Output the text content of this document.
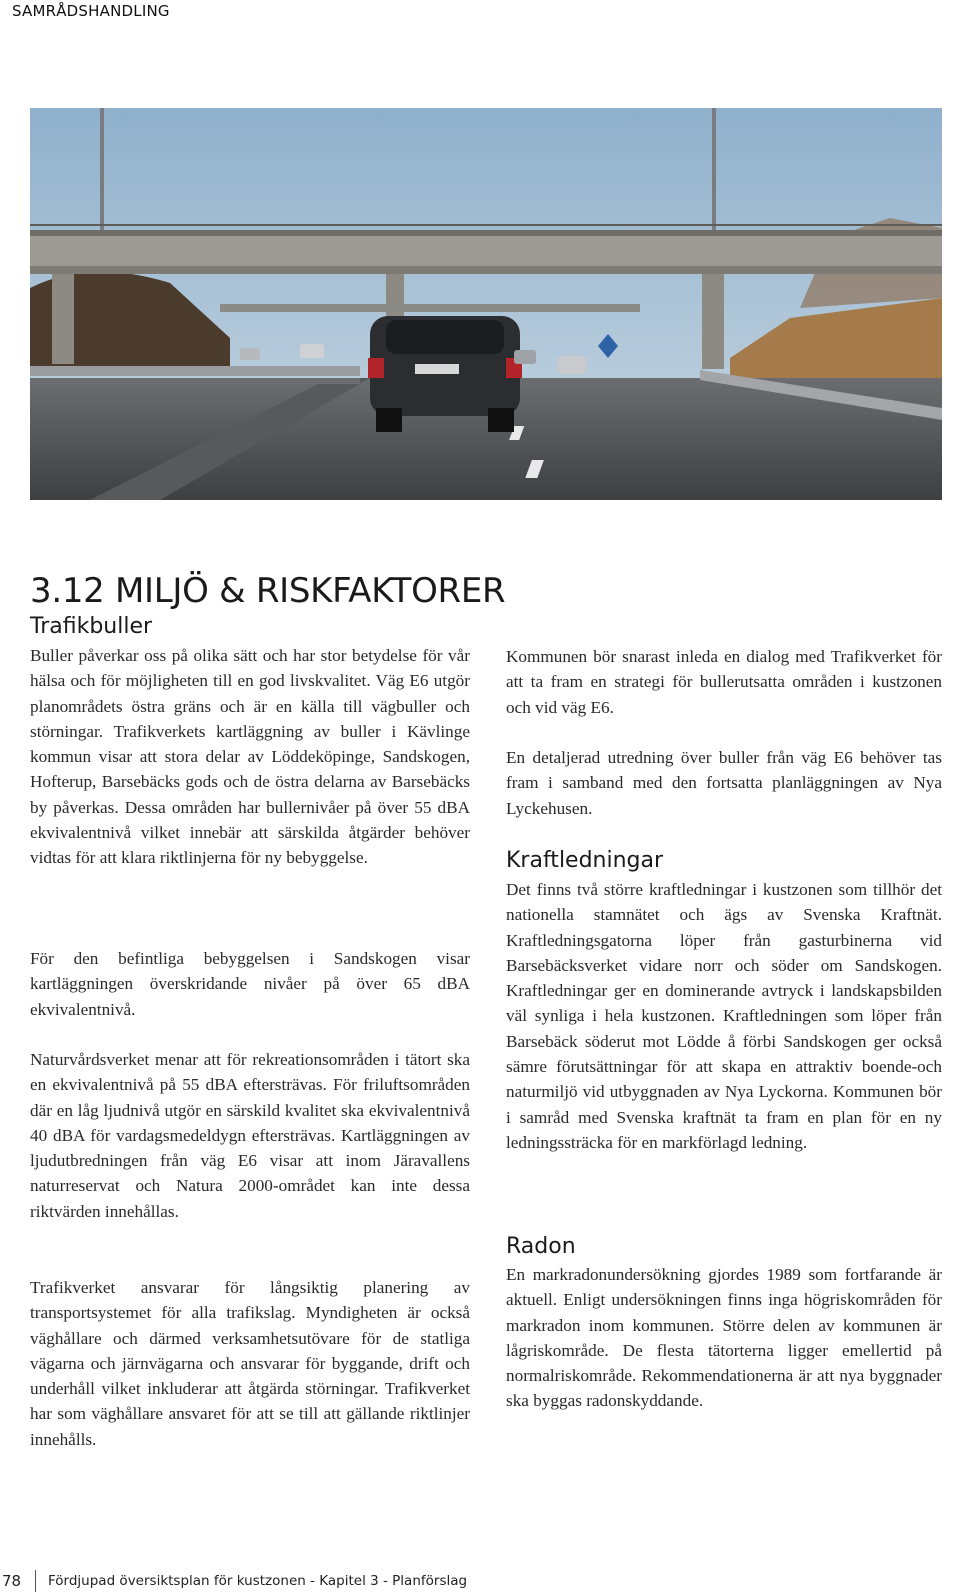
SAMRÅDSHANDLING
3.12 MILJÖ & RISKFAKTORER
Trafikbuller

Buller påverkar oss på olika sätt och har stor betydelse för vår hälsa och för möjligheten till en god livskvalitet. Väg E6 utgör planområdets östra gräns och är en källa till vägbuller och störningar. Trafikverkets kartläggning av buller i Kävlinge kommun visar att stora delar av Löddeköpinge, Sandskogen, Hofterup, Barsebäcks gods och de östra delarna av Barsebäcks by påverkas. Dessa områden har bullernivåer på över 55 dBA ekvivalentnivå vilket innebär att särskilda åtgärder behöver vidtas för att klara riktlinjerna för ny bebyggelse.

För den befintliga bebyggelsen i Sandskogen visar kartläggningen överskridande nivåer på över 65 dBA ekvivalentnivå.

Naturvårdsverket menar att för rekreationsområden i tätort ska en ekvivalentnivå på 55 dBA eftersträvas. För friluftsområden där en låg ljudnivå utgör en särskild kvalitet ska ekvivalentnivå 40 dBA för vardagsmedeldygn eftersträvas. Kartläggningen av ljudutbredningen från väg E6 visar att inom Järavallens naturreservat och Natura 2000-området kan inte dessa riktvärden innehållas.

Trafikverket ansvarar för långsiktig planering av transportsystemet för alla trafikslag. Myndigheten är också väghållare och därmed verksamhetsutövare för de statliga vägarna och järnvägarna och ansvarar för byggande, drift och underhåll vilket inkluderar att åtgärda störningar. Trafikverket har som väghållare ansvaret för att se till att gällande riktlinjer innehålls.

Kommunen bör snarast inleda en dialog med Trafikverket för att ta fram en strategi för bullerutsatta områden i kustzonen och vid väg E6.

En detaljerad utredning över buller från väg E6 behöver tas fram i samband med den fortsatta planläggningen av Nya Lyckehusen.

Kraftledningar

Det finns två större kraftledningar i kustzonen som tillhör det nationella stamnätet och ägs av Svenska Kraftnät. Kraftledningsgatorna löper från gasturbinerna vid Barsebäcksverket vidare norr och söder om Sandskogen. Kraftledningar ger en dominerande avtryck i landskapsbilden väl synliga i hela kustzonen. Kraftledningen som löper från Barsebäck söderut mot Lödde å förbi Sandskogen ger också sämre förutsättningar för att skapa en attraktiv boende-och naturmiljö vid utbyggnaden av Nya Lyckorna. Kommunen bör i samråd med Svenska kraftnät ta fram en plan för en ny ledningssträcka för en markförlagd ledning.

Radon

En markradonundersökning gjordes 1989 som fortfarande är aktuell. Enligt undersökningen finns inga högriskområden för markradon inom kommunen. Större delen av kommunen är lågriskområde. De flesta tätorterna ligger emellertid på normalriskområde. Rekommendationerna är att nya byggnader ska byggas radonskyddande.

78 Fördjupad översiktsplan för kustzonen - Kapitel 3 - Planförslag
